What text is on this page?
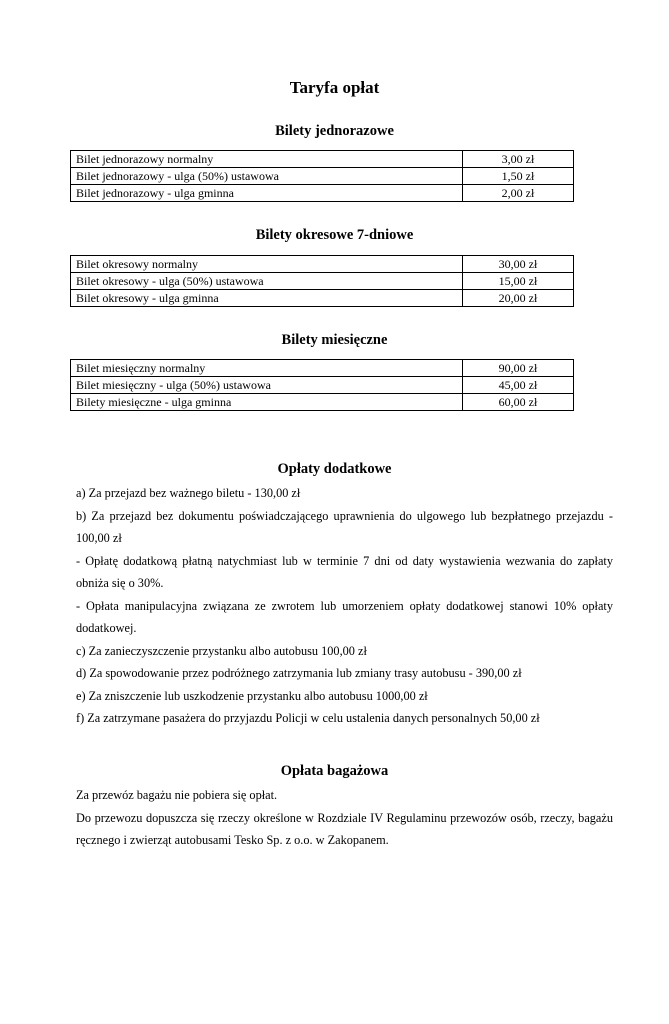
Taryfa opłat
Bilety jednorazowe
Bilet jednorazowy normalny	3,00 zł
Bilet jednorazowy - ulga (50%) ustawowa	1,50 zł
Bilet jednorazowy - ulga gminna	2,00 zł
Bilety okresowe 7-dniowe
Bilet okresowy normalny	30,00 zł
Bilet okresowy - ulga (50%) ustawowa	15,00 zł
Bilet okresowy - ulga gminna	20,00 zł
Bilety miesięczne
Bilet miesięczny normalny	90,00 zł
Bilet miesięczny - ulga (50%) ustawowa	45,00 zł
Bilety miesięczne - ulga gminna	60,00 zł
Opłaty dodatkowe

a) Za przejazd bez ważnego biletu - 130,00 zł

b) Za przejazd bez dokumentu poświadczającego uprawnienia do ulgowego lub bezpłatnego przejazdu - 100,00 zł

- Opłatę dodatkową płatną natychmiast lub w terminie 7 dni od daty wystawienia wezwania do zapłaty obniża się o 30%.

- Opłata manipulacyjna związana ze zwrotem lub umorzeniem opłaty dodatkowej stanowi 10% opłaty dodatkowej.

c) Za zanieczyszczenie przystanku albo autobusu 100,00 zł

d) Za spowodowanie przez podróżnego zatrzymania lub zmiany trasy autobusu - 390,00 zł

e) Za zniszczenie lub uszkodzenie przystanku albo autobusu 1000,00 zł

f) Za zatrzymane pasażera do przyjazdu Policji w celu ustalenia danych personalnych 50,00 zł

Opłata bagażowa

Za przewóz bagażu nie pobiera się opłat.

Do przewozu dopuszcza się rzeczy określone w Rozdziale IV Regulaminu przewozów osób, rzeczy, bagażu ręcznego i zwierząt autobusami Tesko Sp. z o.o. w Zakopanem.
